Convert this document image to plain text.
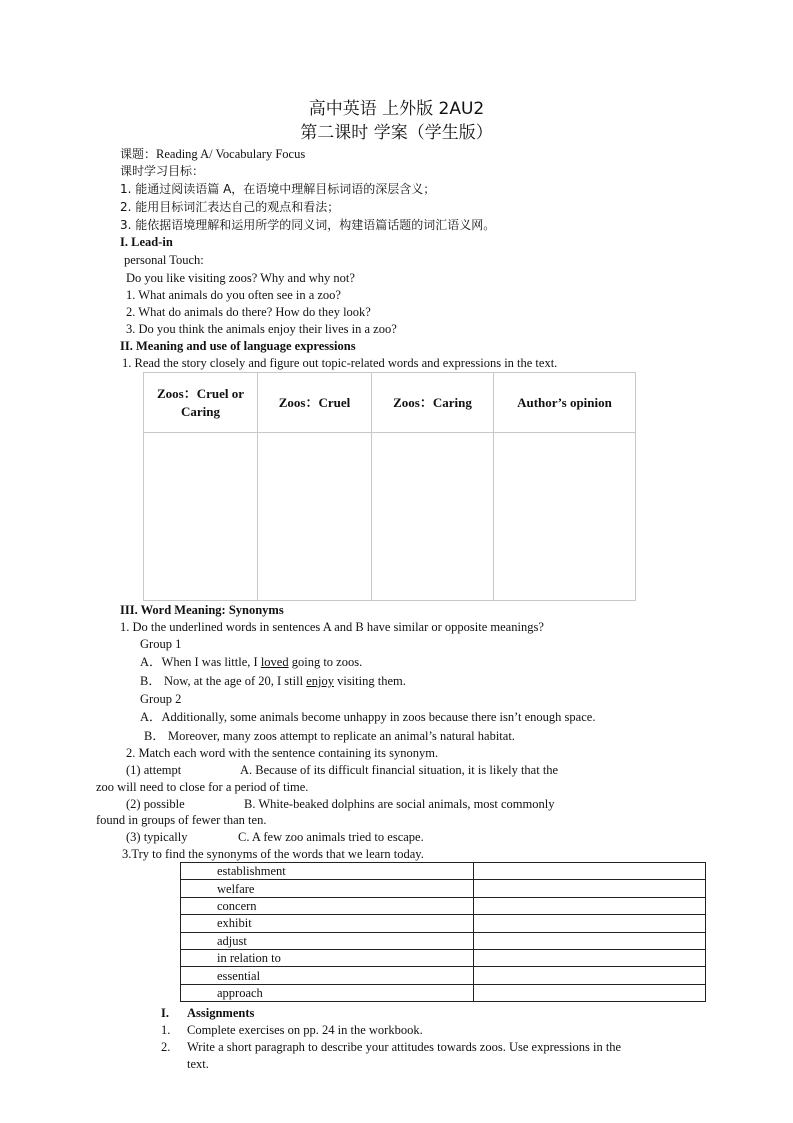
高中英语 上外版 2AU2
第二课时 学案（学生版）
课题：Reading A/ Vocabulary Focus
课时学习目标：
1. 能通过阅读语篇 A，在语境中理解目标词语的深层含义；
2. 能用目标词汇表达自己的观点和看法；
3. 能依据语境理解和运用所学的同义词，构建语篇话题的词汇语义网。
I. Lead-in
personal Touch:
Do you like visiting zoos? Why and why not?
1. What animals do you often see in a zoo?
2. What do animals do there? How do they look?
3. Do you think the animals enjoy their lives in a zoo?
II. Meaning and use of language expressions
1. Read the story closely and figure out topic-related words and expressions in the text.
Zoos：Cruel or Caring	Zoos：Cruel	Zoos：Caring	Author’s opinion

III. Word Meaning: Synonyms
1. Do the underlined words in sentences A and B have similar or opposite meanings?
Group 1
A．When I was little, I loved going to zoos.
B． Now, at the age of 20, I still enjoy visiting them.
Group 2
A．Additionally, some animals become unhappy in zoos because there isn’t enough space.
B． Moreover, many zoos attempt to replicate an animal’s natural habitat.
2. Match each word with the sentence containing its synonym.
(1) attempt	A. Because of its difficult financial situation, it is likely that the
zoo will need to close for a period of time.
(2) possible	B. White-beaked dolphins are social animals, most commonly
found in groups of fewer than ten.
(3) typically	C. A few zoo animals tried to escape.
3.Try to find the synonyms of the words that we learn today.
establishment	
welfare	
concern	
exhibit	
adjust	
in relation to	
essential	
approach	
I. Assignments
1. Complete exercises on pp. 24 in the workbook.
2. Write a short paragraph to describe your attitudes towards zoos. Use expressions in the
text.
